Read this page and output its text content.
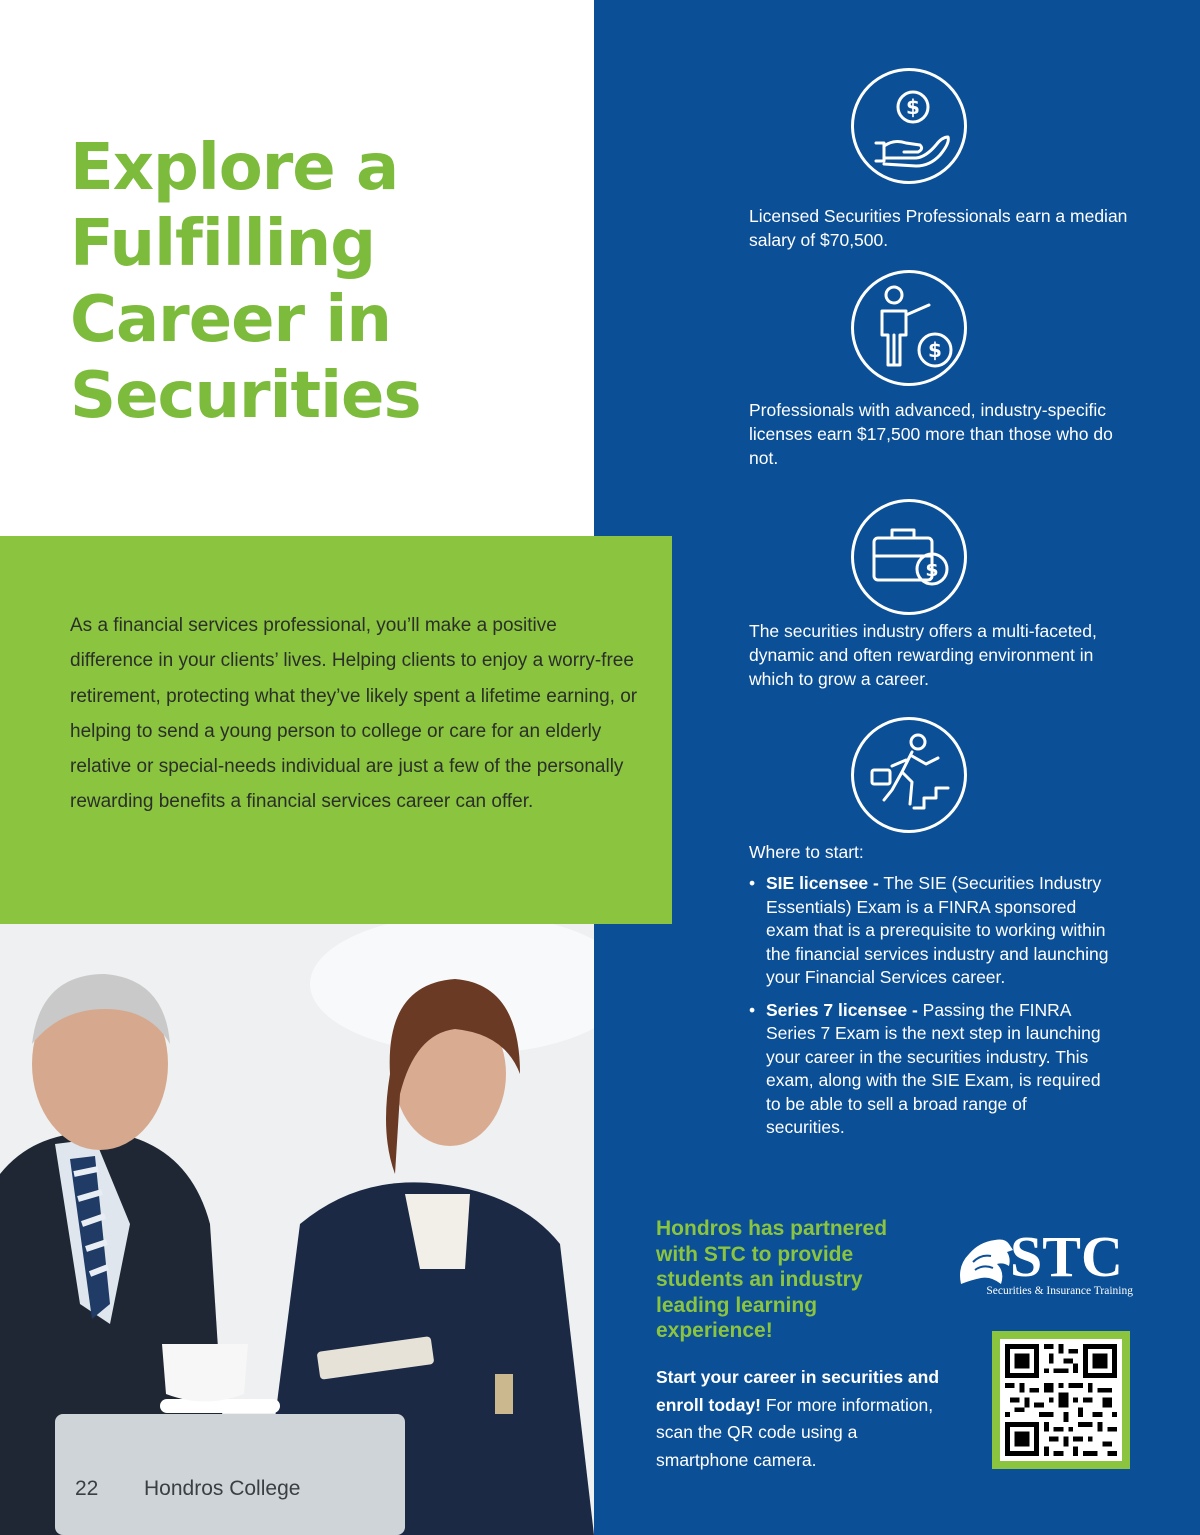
Explore a
Fulfilling
Career in
Securities

As a financial services professional, you’ll make a positive difference in your clients’ lives. Helping clients to enjoy a worry-free retirement, protecting what they’ve likely spent a lifetime earning, or helping to send a young person to college or care for an elderly relative or special-needs individual are just a few of the personally rewarding benefits a financial services career can offer.

22 Hondros College
$

Licensed Securities Professionals earn a median salary of $70,500.

$

Professionals with advanced, industry-specific licenses earn $17,500 more than those who do not.

$

The securities industry offers a multi-faceted, dynamic and often rewarding environment in which to grow a career.

Where to start:
• SIE licensee - The SIE (Securities Industry Essentials) Exam is a FINRA sponsored exam that is a prerequisite to working within the financial services industry and launching your Financial Services career.
• Series 7 licensee - Passing the FINRA Series 7 Exam is the next step in launching your career in the securities industry. This exam, along with the SIE Exam, is required to be able to sell a broad range of securities.

Hondros has partnered with STC to provide students an industry leading learning experience!

Start your career in securities and enroll today! For more information, scan the QR code using a smartphone camera.

STC
Securities & Insurance Training
